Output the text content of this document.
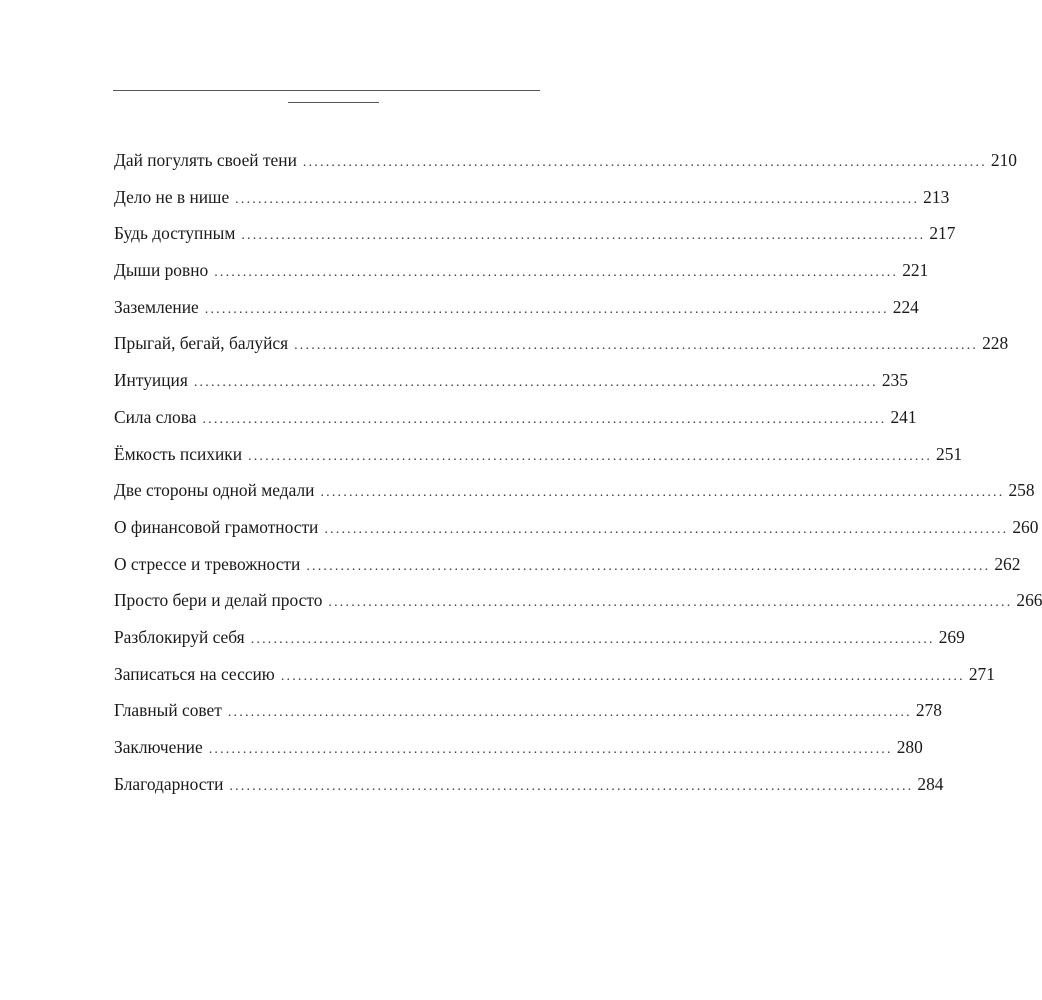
Дай погулять своей тени ........................................................................................................................ 210
Дело не в нише ........................................................................................................................ 213
Будь доступным ........................................................................................................................ 217
Дыши ровно ........................................................................................................................ 221
Заземление ........................................................................................................................ 224
Прыгай, бегай, балуйся ........................................................................................................................ 228
Интуиция ........................................................................................................................ 235
Сила слова ........................................................................................................................ 241
Ёмкость психики ........................................................................................................................ 251
Две стороны одной медали ........................................................................................................................ 258
О финансовой грамотности ........................................................................................................................ 260
О стрессе и тревожности ........................................................................................................................ 262
Просто бери и делай просто ........................................................................................................................ 266
Разблокируй себя ........................................................................................................................ 269
Записаться на сессию ........................................................................................................................ 271
Главный совет ........................................................................................................................ 278
Заключение ........................................................................................................................ 280
Благодарности ........................................................................................................................ 284
